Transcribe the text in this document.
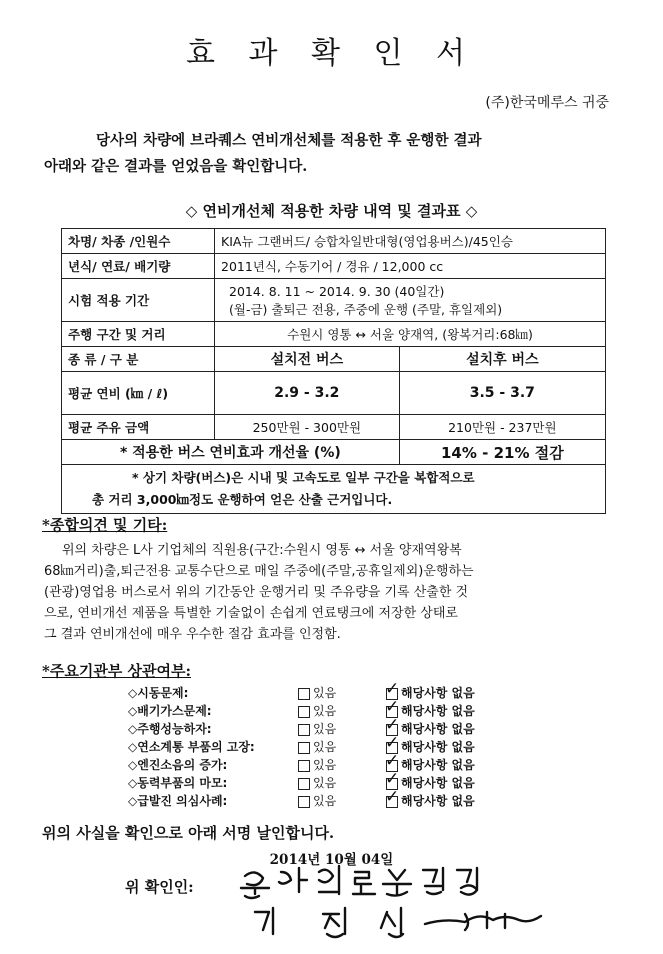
효 과 확 인 서
(주)한국메루스 귀중
당사의 차량에 브라퀘스 연비개선체를 적용한 후 운행한 결과
아래와 같은 결과를 얻었음을 확인합니다.
◇ 연비개선체 적용한 차량 내역 및 결과표 ◇
차명/ 차종 /인원수	KIA뉴 그랜버드/ 승합차일반대형(영업용버스)/45인승	
년식/ 연료/ 배기량	2011년식, 수동기어 / 경유 / 12,000 cc	
시험 적용 기간	2014. 8. 11 ~ 2014. 9. 30 (40일간)
(월-금) 출퇴근 전용, 주중에 운행 (주말, 휴일제외)	

주행 구간 및 거리	수원시 영통 ↔ 서울 양재역, (왕복거리:68㎞)	
종 류 / 구 분	설치전 버스	설치후 버스
평균 연비 (㎞ / ℓ)	2.9 - 3.2	3.5 - 3.7
평균 주유 금액	250만원 - 300만원	210만원 - 237만원
* 적용한 버스 연비효과 개선율 (%)		14% - 21% 절감

* 상기 차량(버스)은 시내 및 고속도로 일부 구간을 복합적으로
총 거리 3,000㎞정도 운행하여 얻은 산출 근거입니다.		
*종합의견 및 기타:
위의 차량은 L사 기업체의 직원용(구간:수원시 영통 ↔ 서울 양재역왕복
68㎞거리)출,퇴근전용 교통수단으로 매일 주중에(주말,공휴일제외)운행하는
(관광)영업용 버스로서 위의 기간동안 운행거리 및 주유량을 기록 산출한 것
으로, 연비개선 제품을 특별한 기술없이 손쉽게 연료탱크에 저장한 상태로
그 결과 연비개선에 매우 우수한 절감 효과를 인정함.
*주요기관부 상관여부:
◇시동문제:	있음	✓ 해당사항 없음
◇배기가스문제:	있음	✓ 해당사항 없음
◇주행성능하자:	있음	✓ 해당사항 없음
◇연소계통 부품의 고장:	있음	✓ 해당사항 없음
◇엔진소음의 증가:	있음	✓ 해당사항 없음
◇동력부품의 마모:	있음	✓ 해당사항 없음
◇급발진 의심사례:	있음	✓ 해당사항 없음
위의 사실을 확인으로 아래 서명 날인합니다.
2014년 10월 04일
위 확인인:
